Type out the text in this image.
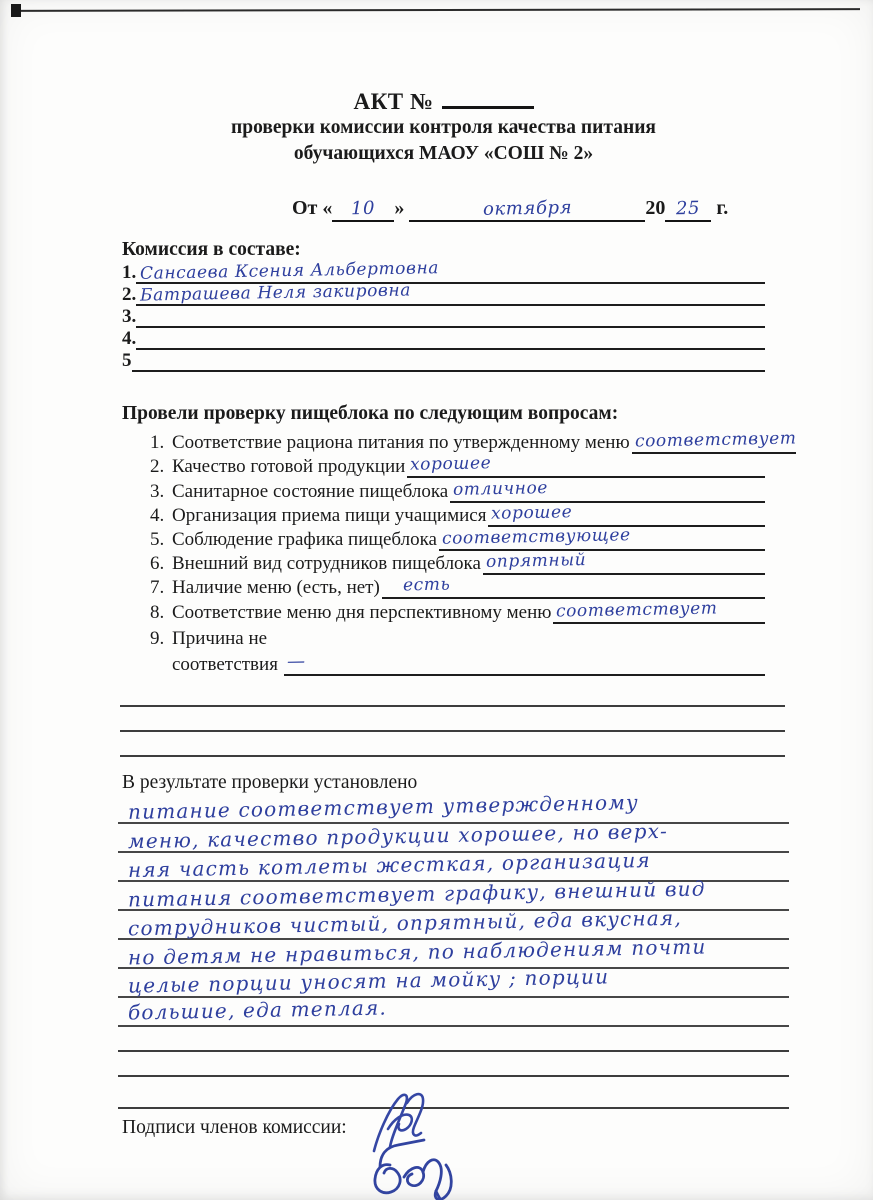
АКТ №
проверки комиссии контроля качества питания
обучающихся МАОУ «СОШ № 2»
От « 10 »	октября	20 25 г.
Комиссия в составе:
1. Сансаева Ксения Альбертовна
2. Батрашева Неля закировна
3.
4.
5
Провели проверку пищеблока по следующим вопросам:
1. Соответствие рациона питания по утвержденному меню соответствует
2. Качество готовой продукции хорошее
3. Санитарное состояние пищеблока отличное
4. Организация приема пищи учащимися хорошее
5. Соблюдение графика пищеблока соответствующее
6. Внешний вид сотрудников пищеблока опрятный
7. Наличие меню (есть, нет)	есть
8. Соответствие меню дня перспективному меню соответствует
9. Причина не
соответствия —
В результате проверки установлено
питание соответствует утвержденному
меню, качество продукции хорошее, но верх-
няя часть котлеты жесткая, организация
питания соответствует графику, внешний вид
сотрудников чистый, опрятный, еда вкусная,
но детям не нравиться, по наблюдениям почти
целые порции уносят на мойку ; порции
большие, еда теплая.
Подписи членов комиссии:
